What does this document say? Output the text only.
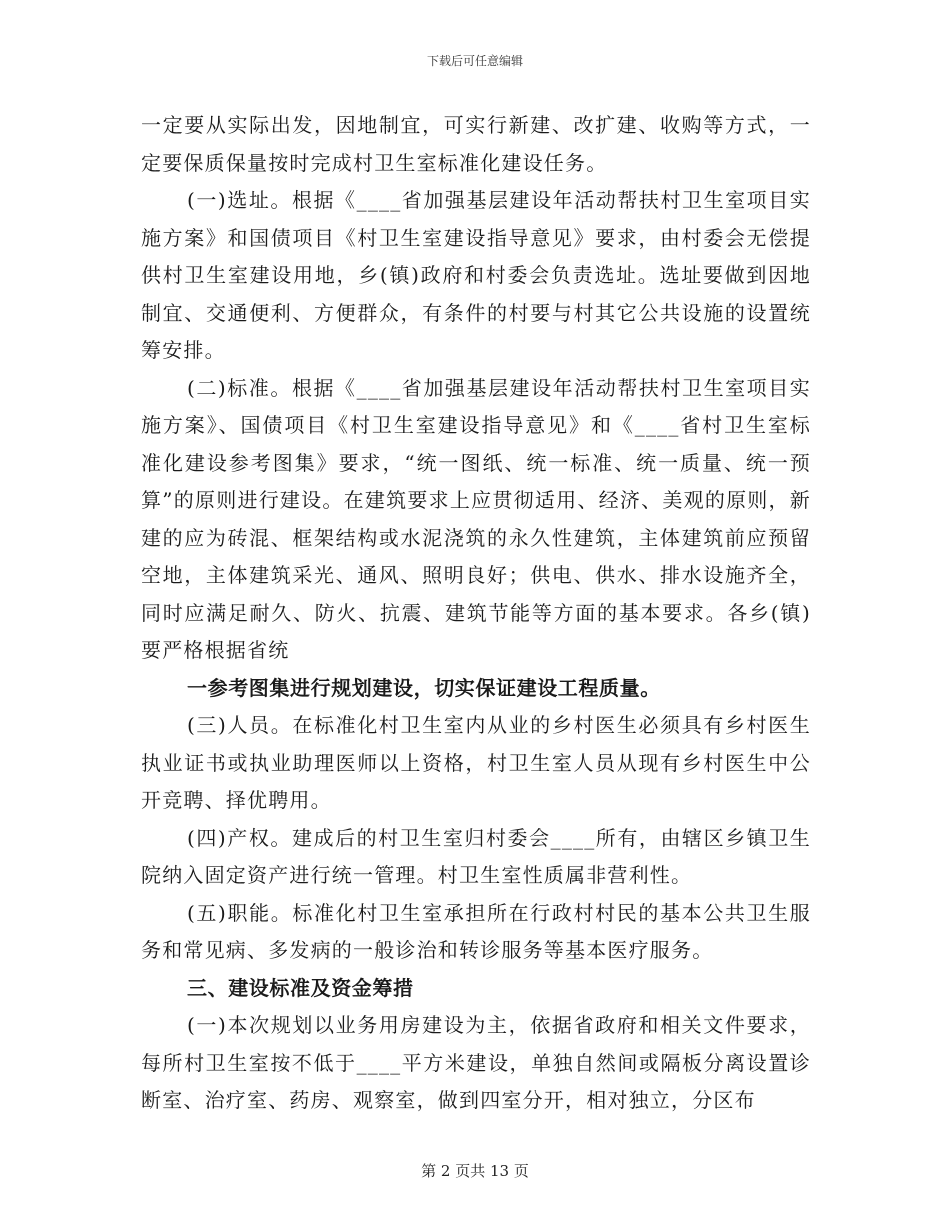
下载后可任意编辑

一定要从实际出发，因地制宜，可实行新建、改扩建、收购等方式，一定要保质保量按时完成村卫生室标准化建设任务。

(一)选址。根据《____省加强基层建设年活动帮扶村卫生室项目实施方案》和国债项目《村卫生室建设指导意见》要求，由村委会无偿提供村卫生室建设用地，乡(镇)政府和村委会负责选址。选址要做到因地制宜、交通便利、方便群众，有条件的村要与村其它公共设施的设置统筹安排。

(二)标准。根据《____省加强基层建设年活动帮扶村卫生室项目实施方案》、国债项目《村卫生室建设指导意见》和《____省村卫生室标准化建设参考图集》要求，“统一图纸、统一标准、统一质量、统一预算”的原则进行建设。在建筑要求上应贯彻适用、经济、美观的原则，新建的应为砖混、框架结构或水泥浇筑的永久性建筑，主体建筑前应预留空地，主体建筑采光、通风、照明良好；供电、供水、排水设施齐全，同时应满足耐久、防火、抗震、建筑节能等方面的基本要求。各乡(镇)要严格根据省统

一参考图集进行规划建设，切实保证建设工程质量。

(三)人员。在标准化村卫生室内从业的乡村医生必须具有乡村医生执业证书或执业助理医师以上资格，村卫生室人员从现有乡村医生中公开竞聘、择优聘用。

(四)产权。建成后的村卫生室归村委会____所有，由辖区乡镇卫生院纳入固定资产进行统一管理。村卫生室性质属非营利性。

(五)职能。标准化村卫生室承担所在行政村村民的基本公共卫生服务和常见病、多发病的一般诊治和转诊服务等基本医疗服务。

三、建设标准及资金筹措

(一)本次规划以业务用房建设为主，依据省政府和相关文件要求，每所村卫生室按不低于____平方米建设，单独自然间或隔板分离设置诊断室、治疗室、药房、观察室，做到四室分开，相对独立，分区布

第 2 页共 13 页
